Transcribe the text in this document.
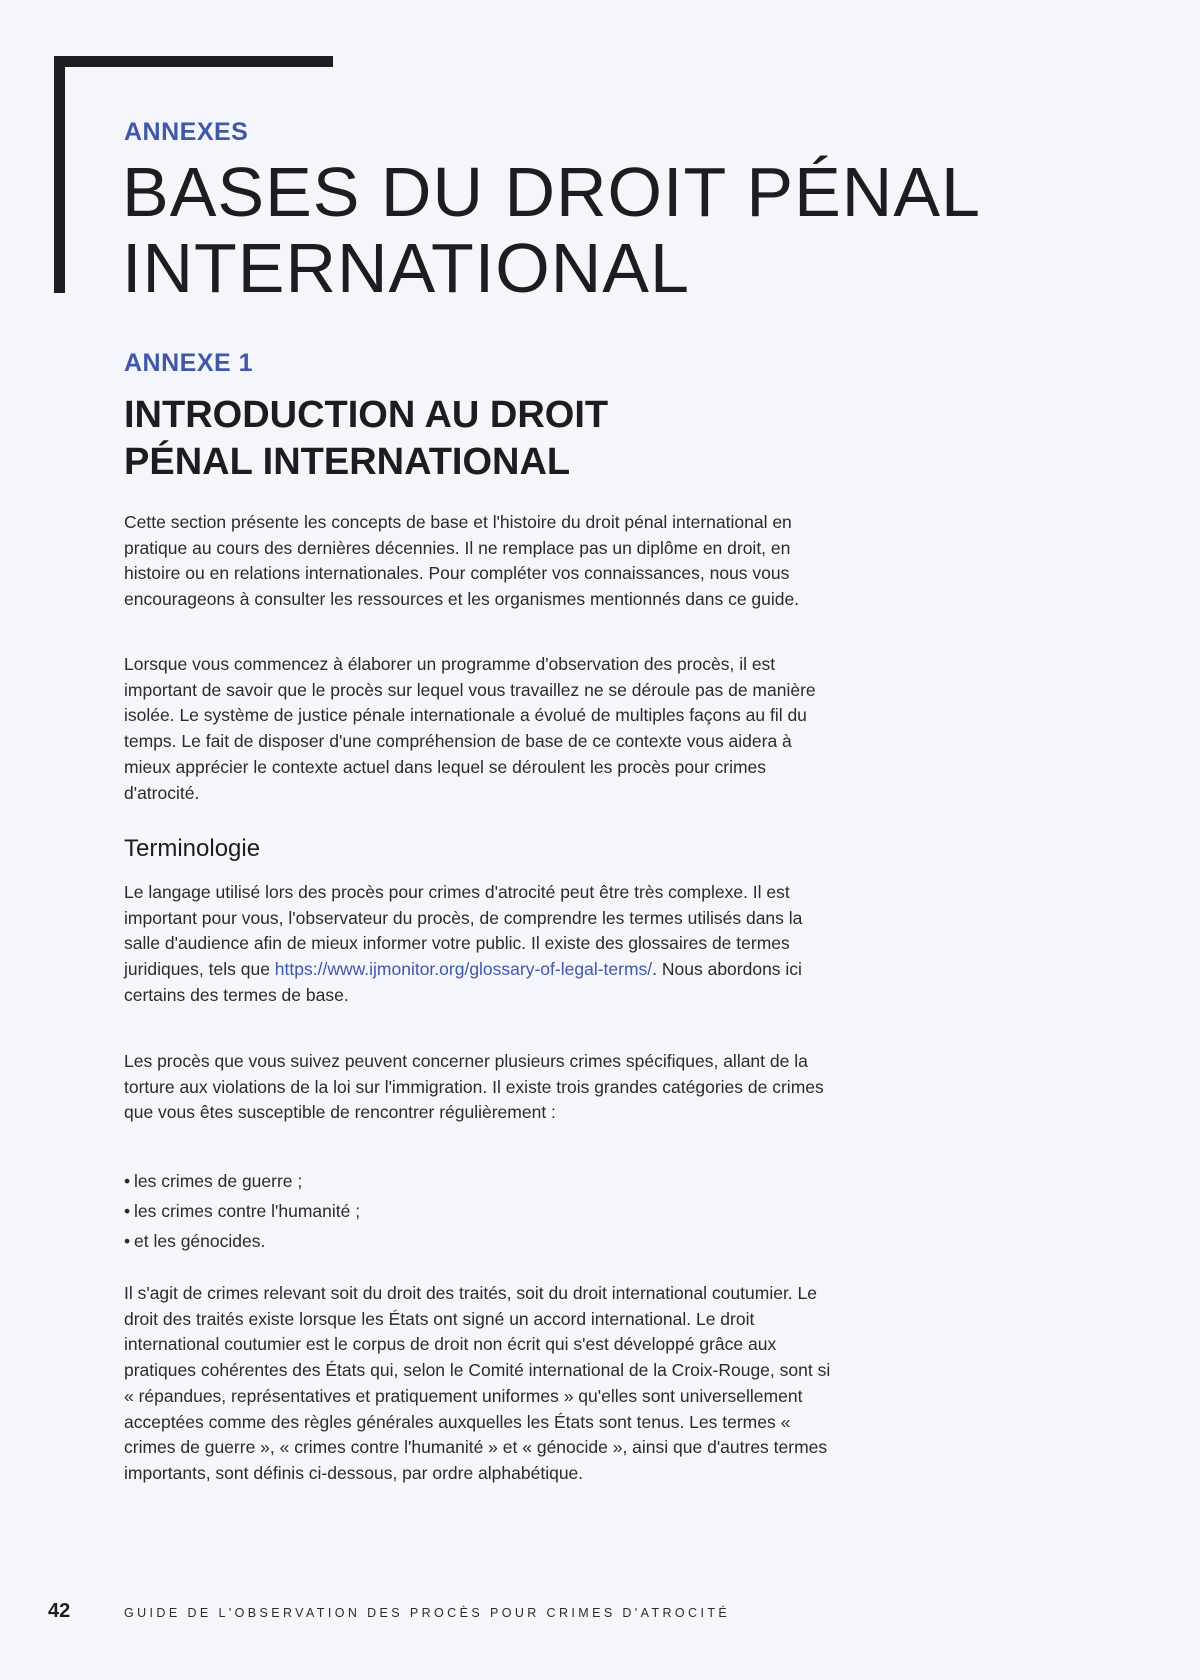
ANNEXES

BASES DU DROIT PÉNAL INTERNATIONAL

ANNEXE 1

INTRODUCTION AU DROIT
PÉNAL INTERNATIONAL

Cette section présente les concepts de base et l'histoire du droit pénal international en pratique au cours des dernières décennies. Il ne remplace pas un diplôme en droit, en histoire ou en relations internationales. Pour compléter vos connaissances, nous vous encourageons à consulter les ressources et les organismes mentionnés dans ce guide.

Lorsque vous commencez à élaborer un programme d'observation des procès, il est important de savoir que le procès sur lequel vous travaillez ne se déroule pas de manière isolée. Le système de justice pénale internationale a évolué de multiples façons au fil du temps. Le fait de disposer d'une compréhension de base de ce contexte vous aidera à mieux apprécier le contexte actuel dans lequel se déroulent les procès pour crimes d'atrocité.

Terminologie

Le langage utilisé lors des procès pour crimes d'atrocité peut être très complexe. Il est important pour vous, l'observateur du procès, de comprendre les termes utilisés dans la salle d'audience afin de mieux informer votre public. Il existe des glossaires de termes juridiques, tels que https://www.ijmonitor.org/glossary-of-legal-terms/. Nous abordons ici certains des termes de base.

Les procès que vous suivez peuvent concerner plusieurs crimes spécifiques, allant de la torture aux violations de la loi sur l'immigration. Il existe trois grandes catégories de crimes que vous êtes susceptible de rencontrer régulièrement :

• les crimes de guerre ;
• les crimes contre l'humanité ;
• et les génocides.

Il s'agit de crimes relevant soit du droit des traités, soit du droit international coutumier. Le droit des traités existe lorsque les États ont signé un accord international. Le droit international coutumier est le corpus de droit non écrit qui s'est développé grâce aux pratiques cohérentes des États qui, selon le Comité international de la Croix-Rouge, sont si « répandues, représentatives et pratiquement uniformes » qu'elles sont universellement acceptées comme des règles générales auxquelles les États sont tenus. Les termes « crimes de guerre », « crimes contre l'humanité » et « génocide », ainsi que d'autres termes importants, sont définis ci-dessous, par ordre alphabétique.

42	GUIDE DE L'OBSERVATION DES PROCÈS POUR CRIMES D'ATROCITÉ
